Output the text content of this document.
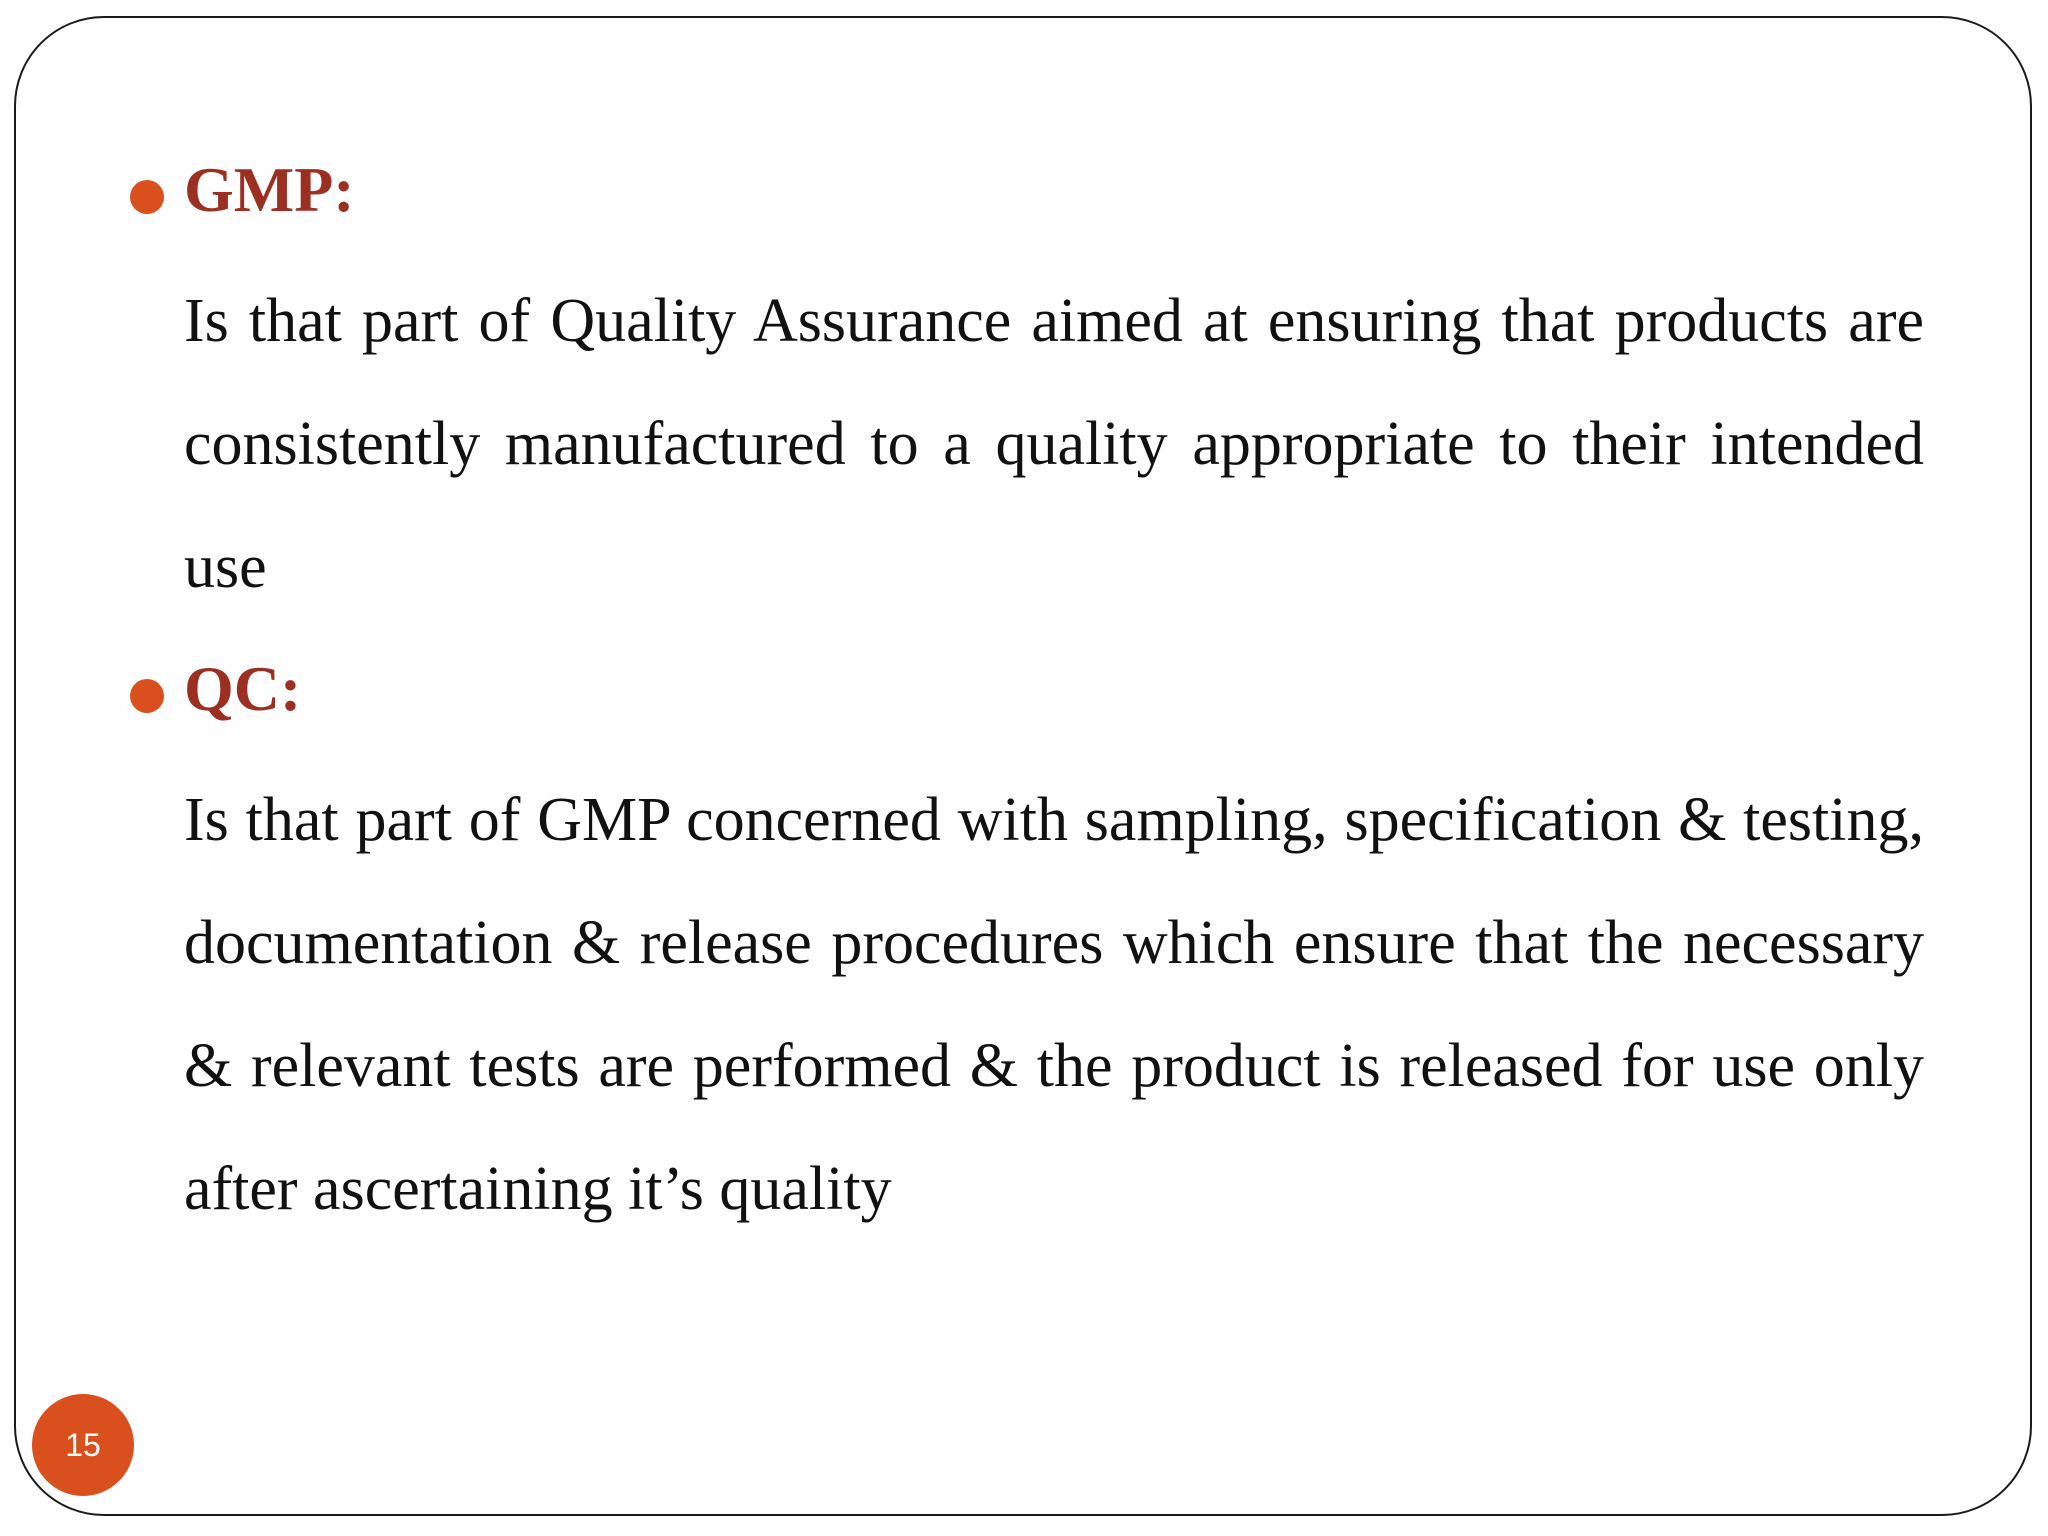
GMP:

Is that part of Quality Assurance aimed at ensuring that products are consistently manufactured to a quality appropriate to their intended use

QC:

Is that part of GMP concerned with sampling, specification & testing, documentation & release procedures which ensure that the necessary & relevant tests are performed & the product is released for use only after ascertaining it’s quality

15
